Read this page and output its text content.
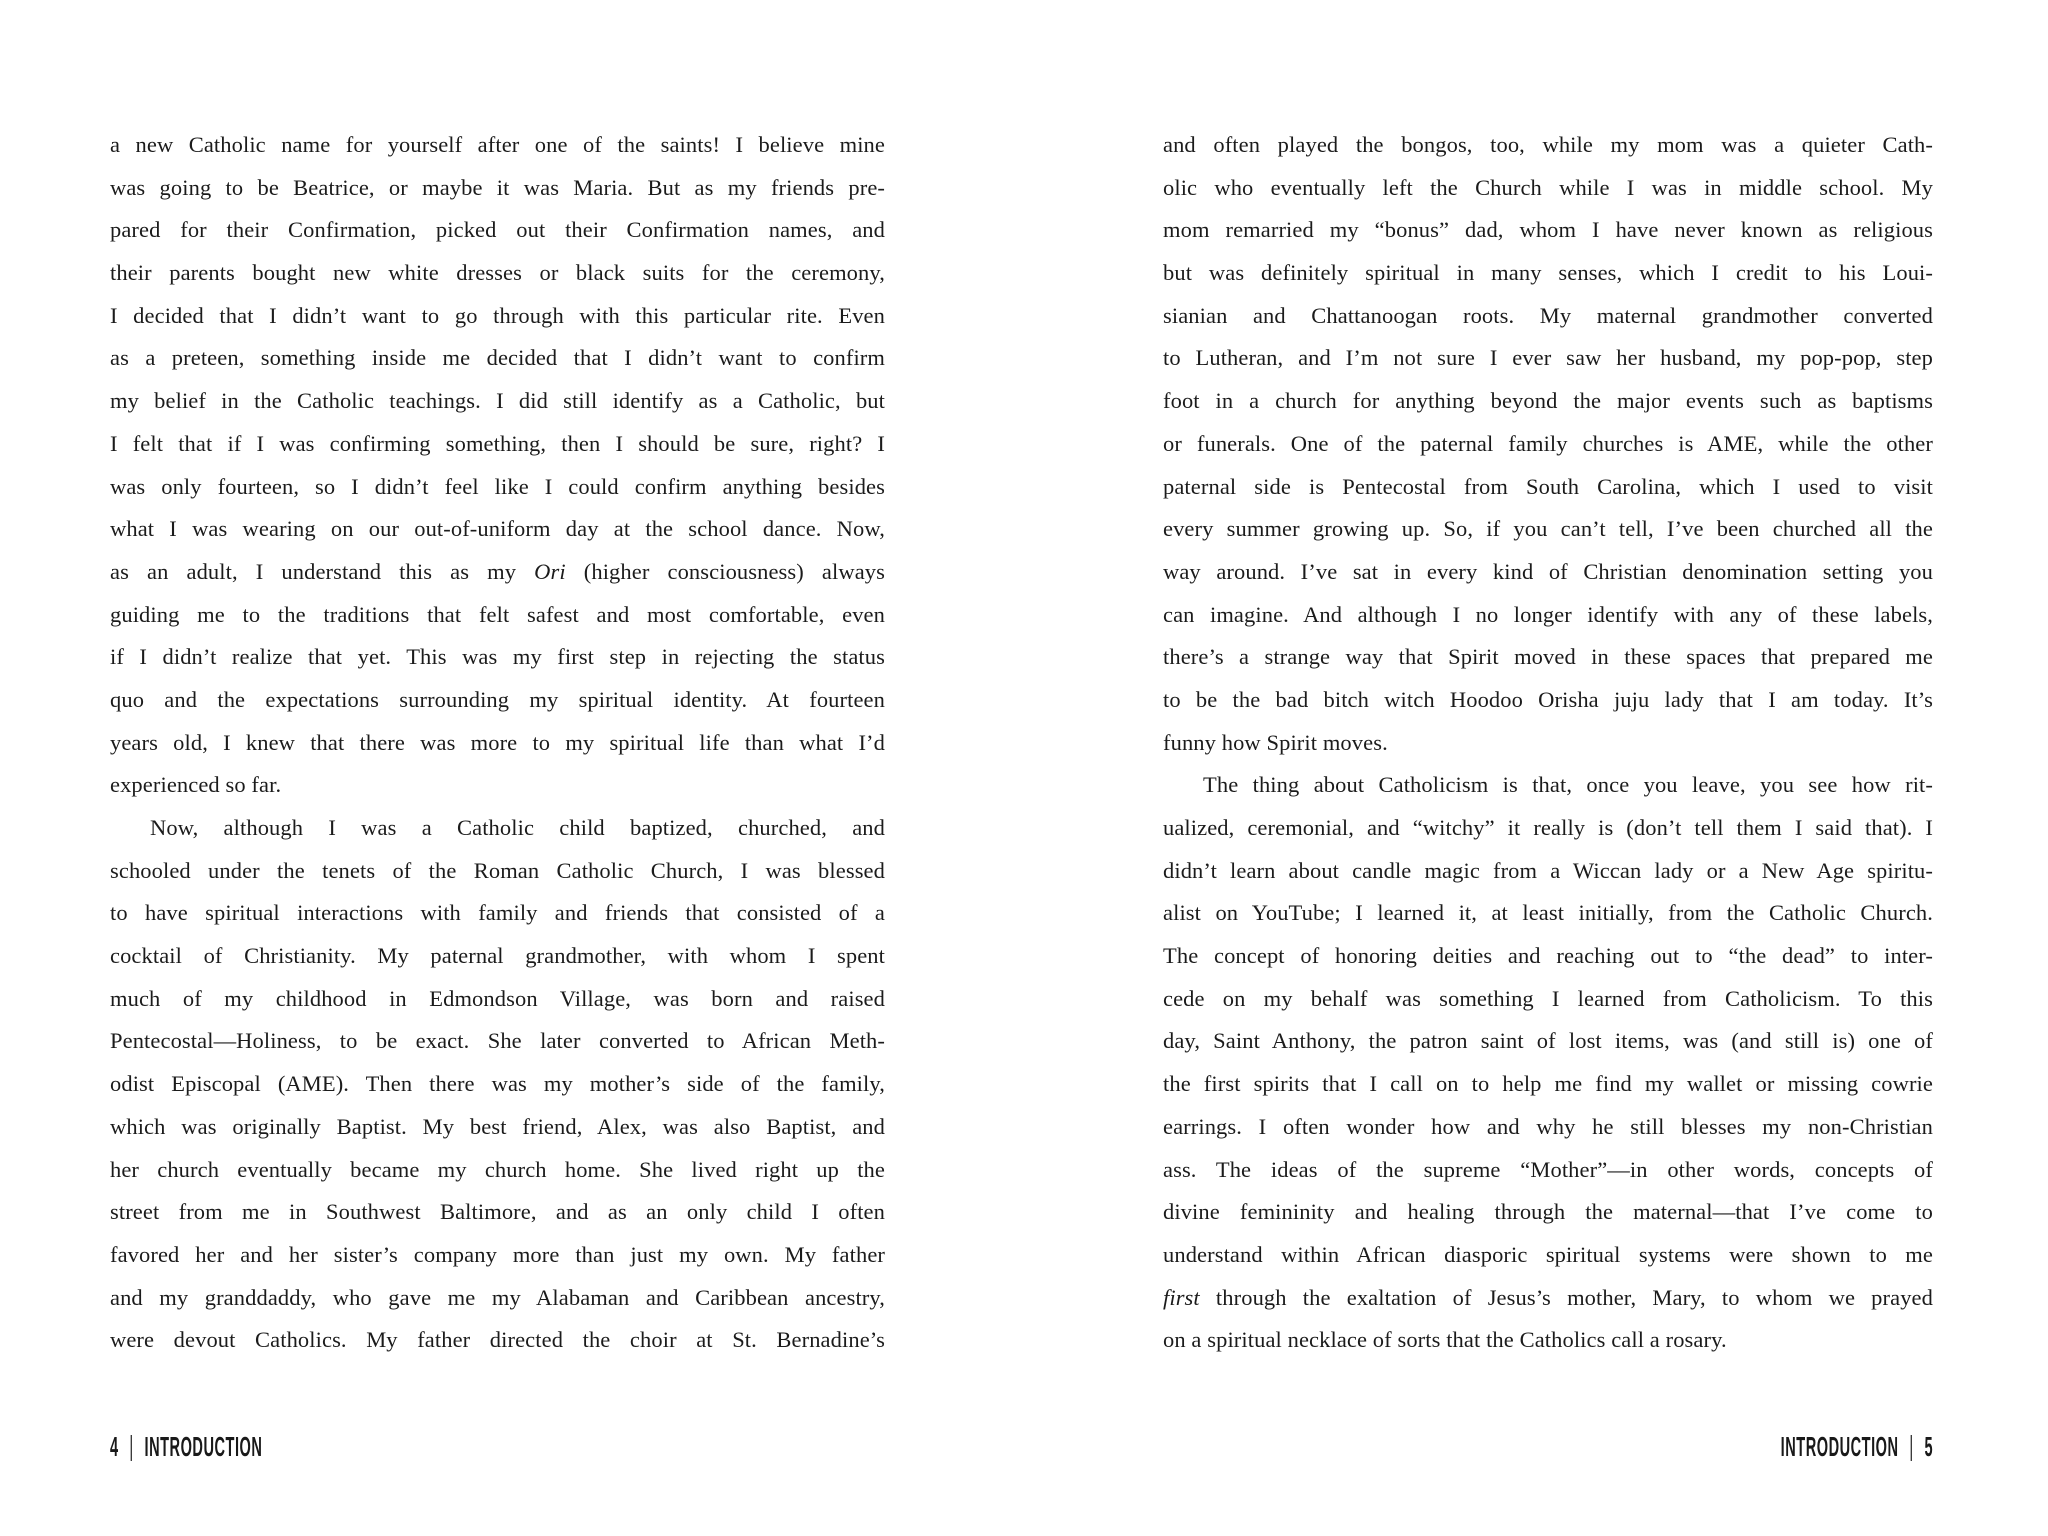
a new Catholic name for yourself after one of the saints! I believe mine
was going to be Beatrice, or maybe it was Maria. But as my friends pre-
pared for their Confirmation, picked out their Confirmation names, and
their parents bought new white dresses or black suits for the ceremony,
I decided that I didn’t want to go through with this particular rite. Even
as a preteen, something inside me decided that I didn’t want to confirm
my belief in the Catholic teachings. I did still identify as a Catholic, but
I felt that if I was confirming something, then I should be sure, right? I
was only fourteen, so I didn’t feel like I could confirm anything besides
what I was wearing on our out-of-uniform day at the school dance. Now,
as an adult, I understand this as my Ori (higher consciousness) always
guiding me to the traditions that felt safest and most comfortable, even
if I didn’t realize that yet. This was my first step in rejecting the status
quo and the expectations surrounding my spiritual identity. At fourteen
years old, I knew that there was more to my spiritual life than what I’d
experienced so far.
Now, although I was a Catholic child baptized, churched, and
schooled under the tenets of the Roman Catholic Church, I was blessed
to have spiritual interactions with family and friends that consisted of a
cocktail of Christianity. My paternal grandmother, with whom I spent
much of my childhood in Edmondson Village, was born and raised
Pentecostal—Holiness, to be exact. She later converted to African Meth-
odist Episcopal (AME). Then there was my mother’s side of the family,
which was originally Baptist. My best friend, Alex, was also Baptist, and
her church eventually became my church home. She lived right up the
street from me in Southwest Baltimore, and as an only child I often
favored her and her sister’s company more than just my own. My father
and my granddaddy, who gave me my Alabaman and Caribbean ancestry,
were devout Catholics. My father directed the choir at St. Bernadine’s
4 | INTRODUCTION
and often played the bongos, too, while my mom was a quieter Cath-
olic who eventually left the Church while I was in middle school. My
mom remarried my “bonus” dad, whom I have never known as religious
but was definitely spiritual in many senses, which I credit to his Loui-
sianian and Chattanoogan roots. My maternal grandmother converted
to Lutheran, and I’m not sure I ever saw her husband, my pop-pop, step
foot in a church for anything beyond the major events such as baptisms
or funerals. One of the paternal family churches is AME, while the other
paternal side is Pentecostal from South Carolina, which I used to visit
every summer growing up. So, if you can’t tell, I’ve been churched all the
way around. I’ve sat in every kind of Christian denomination setting you
can imagine. And although I no longer identify with any of these labels,
there’s a strange way that Spirit moved in these spaces that prepared me
to be the bad bitch witch Hoodoo Orisha juju lady that I am today. It’s
funny how Spirit moves.
The thing about Catholicism is that, once you leave, you see how rit-
ualized, ceremonial, and “witchy” it really is (don’t tell them I said that). I
didn’t learn about candle magic from a Wiccan lady or a New Age spiritu-
alist on YouTube; I learned it, at least initially, from the Catholic Church.
The concept of honoring deities and reaching out to “the dead” to inter-
cede on my behalf was something I learned from Catholicism. To this
day, Saint Anthony, the patron saint of lost items, was (and still is) one of
the first spirits that I call on to help me find my wallet or missing cowrie
earrings. I often wonder how and why he still blesses my non-Christian
ass. The ideas of the supreme “Mother”—in other words, concepts of
divine femininity and healing through the maternal—that I’ve come to
understand within African diasporic spiritual systems were shown to me
first through the exaltation of Jesus’s mother, Mary, to whom we prayed
on a spiritual necklace of sorts that the Catholics call a rosary.
INTRODUCTION | 5
